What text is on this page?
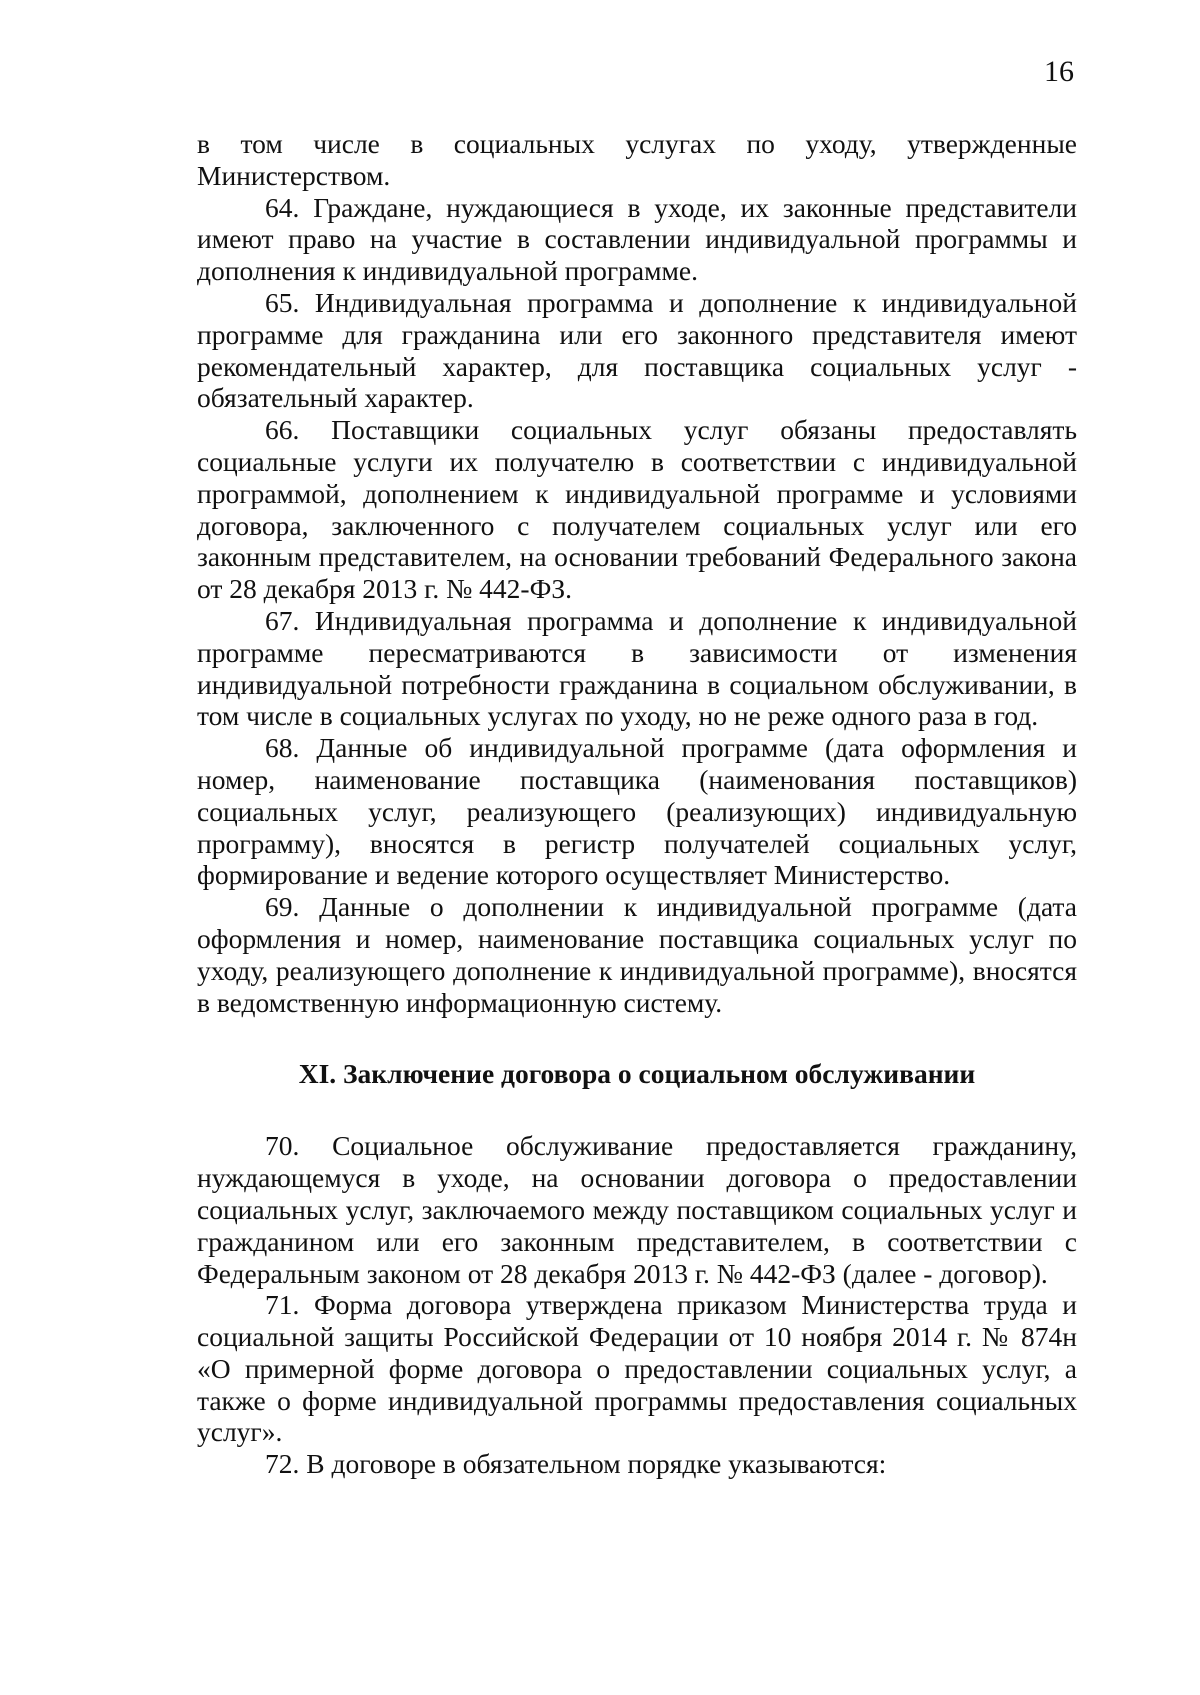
16

в том числе в социальных услугах по уходу, утвержденные Министерством.

64. Граждане, нуждающиеся в уходе, их законные представители имеют право на участие в составлении индивидуальной программы и дополнения к индивидуальной программе.

65. Индивидуальная программа и дополнение к индивидуальной программе для гражданина или его законного представителя имеют рекомендательный характер, для поставщика социальных услуг - обязательный характер.

66. Поставщики социальных услуг обязаны предоставлять социальные услуги их получателю в соответствии с индивидуальной программой, дополнением к индивидуальной программе и условиями договора, заключенного с получателем социальных услуг или его законным представителем, на основании требований Федерального закона от 28 декабря 2013 г. № 442-ФЗ.

67. Индивидуальная программа и дополнение к индивидуальной программе пересматриваются в зависимости от изменения индивидуальной потребности гражданина в социальном обслуживании, в том числе в социальных услугах по уходу, но не реже одного раза в год.

68. Данные об индивидуальной программе (дата оформления и номер, наименование поставщика (наименования поставщиков) социальных услуг, реализующего (реализующих) индивидуальную программу), вносятся в регистр получателей социальных услуг, формирование и ведение которого осуществляет Министерство.

69. Данные о дополнении к индивидуальной программе (дата оформления и номер, наименование поставщика социальных услуг по уходу, реализующего дополнение к индивидуальной программе), вносятся в ведомственную информационную систему.

XI. Заключение договора о социальном обслуживании

70. Социальное обслуживание предоставляется гражданину, нуждающемуся в уходе, на основании договора о предоставлении социальных услуг, заключаемого между поставщиком социальных услуг и гражданином или его законным представителем, в соответствии с Федеральным законом от 28 декабря 2013 г. № 442-ФЗ (далее - договор).

71. Форма договора утверждена приказом Министерства труда и социальной защиты Российской Федерации от 10 ноября 2014 г. № 874н «О примерной форме договора о предоставлении социальных услуг, а также о форме индивидуальной программы предоставления социальных услуг».

72. В договоре в обязательном порядке указываются:
